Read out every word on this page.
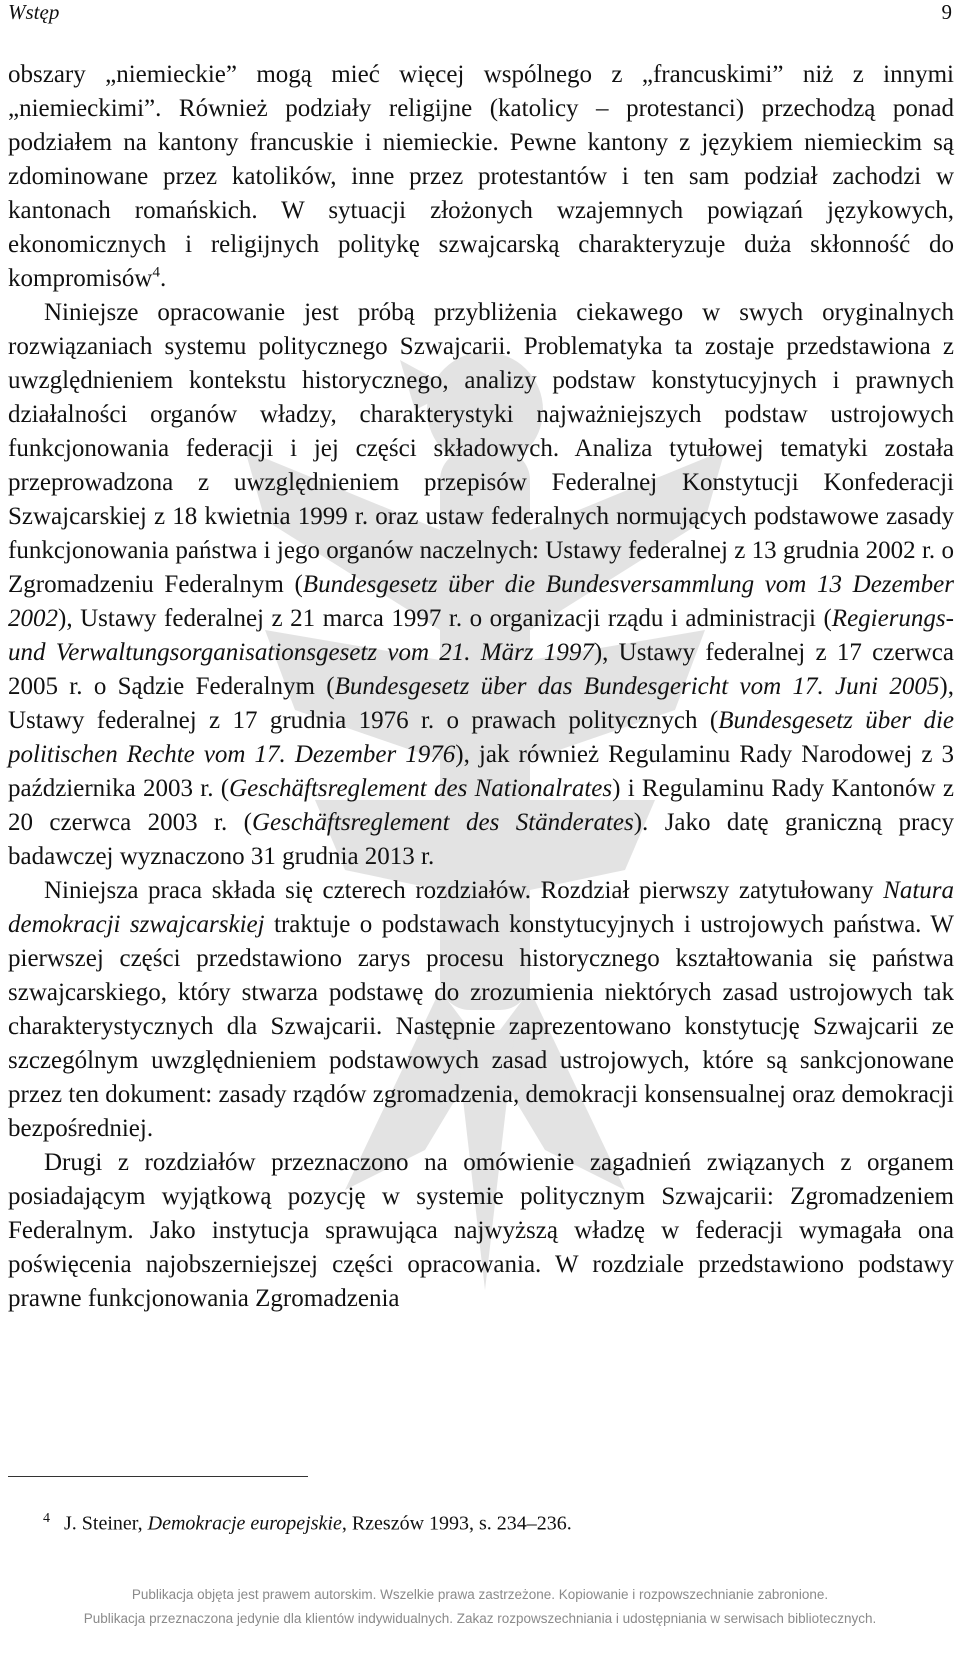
Wstęp	9

obszary „niemieckie” mogą mieć więcej wspólnego z „francuskimi” niż z innymi „niemieckimi”. Również podziały religijne (katolicy – protestanci) przechodzą ponad podziałem na kantony francuskie i niemieckie. Pewne kantony z językiem niemieckim są zdominowane przez katolików, inne przez protestantów i ten sam podział zachodzi w kantonach romańskich. W sytuacji złożonych wzajemnych powiązań językowych, ekonomicznych i religijnych politykę szwajcarską charakteryzuje duża skłonność do kompromisów$^4$.

Niniejsze opracowanie jest próbą przybliżenia ciekawego w swych oryginalnych rozwiązaniach systemu politycznego Szwajcarii. Problematyka ta zostaje przedstawiona z uwzględnieniem kontekstu historycznego, analizy podstaw konstytucyjnych i prawnych działalności organów władzy, charakterystyki najważniejszych podstaw ustrojowych funkcjonowania federacji i jej części składowych. Analiza tytułowej tematyki została przeprowadzona z uwzględnieniem przepisów Federalnej Konstytucji Konfederacji Szwajcarskiej z 18 kwietnia 1999 r. oraz ustaw federalnych normujących podstawowe zasady funkcjonowania państwa i jego organów naczelnych: Ustawy federalnej z 13 grudnia 2002 r. o Zgromadzeniu Federalnym (Bundesgesetz über die Bundesversammlung vom 13 Dezember 2002), Ustawy federalnej z 21 marca 1997 r. o organizacji rządu i administracji (Regierungs- und Verwaltungsorganisationsgesetz vom 21. März 1997), Ustawy federalnej z 17 czerwca 2005 r. o Sądzie Federalnym (Bundesgesetz über das Bundesgericht vom 17. Juni 2005), Ustawy federalnej z 17 grudnia 1976 r. o prawach politycznych (Bundesgesetz über die politischen Rechte vom 17. Dezember 1976), jak również Regulaminu Rady Narodowej z 3 października 2003 r. (Geschäftsreglement des Nationalrates) i Regulaminu Rady Kantonów z 20 czerwca 2003 r. (Geschäftsreglement des Ständerates). Jako datę graniczną pracy badawczej wyznaczono 31 grudnia 2013 r.

Niniejsza praca składa się czterech rozdziałów. Rozdział pierwszy zatytułowany Natura demokracji szwajcarskiej traktuje o podstawach konstytucyjnych i ustrojowych państwa. W pierwszej części przedstawiono zarys procesu historycznego kształtowania się państwa szwajcarskiego, który stwarza podstawę do zrozumienia niektórych zasad ustrojowych tak charakterystycznych dla Szwajcarii. Następnie zaprezentowano konstytucję Szwajcarii ze szczególnym uwzględnieniem podstawowych zasad ustrojowych, które są sankcjonowane przez ten dokument: zasady rządów zgromadzenia, demokracji konsensualnej oraz demokracji bezpośredniej.

Drugi z rozdziałów przeznaczono na omówienie zagadnień związanych z organem posiadającym wyjątkową pozycję w systemie politycznym Szwajcarii: Zgromadzeniem Federalnym. Jako instytucja sprawująca najwyższą władzę w federacji wymagała ona poświęcenia najobszerniejszej części opracowania. W rozdziale przedstawiono podstawy prawne funkcjonowania Zgromadzenia

$^4$ J. Steiner, Demokracje europejskie, Rzeszów 1993, s. 234–236.
Publikacja objęta jest prawem autorskim. Wszelkie prawa zastrzeżone. Kopiowanie i rozpowszechnianie zabronione.
Publikacja przeznaczona jedynie dla klientów indywidualnych. Zakaz rozpowszechniania i udostępniania w serwisach bibliotecznych.
